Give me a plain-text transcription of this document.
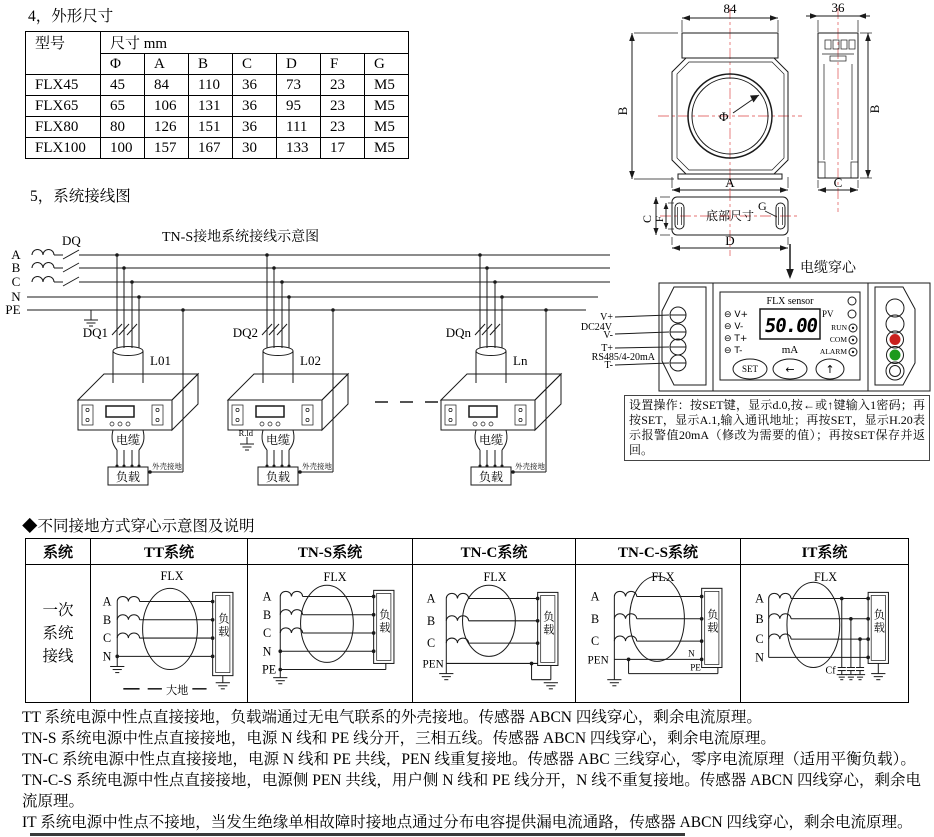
4，外形尺寸
型号	尺寸 mm						
	Φ	A	B	C	D	F	G
FLX45	45	84	110	36	73	23	M5
FLX65	65	106	131	36	95	23	M5
FLX80	80	126	151	36	111	23	M5
FLX100	100	157	167	30	133	17	M5
Φ
84
B
A
36
B
C
底部尺寸
G
C F
D
电缆穿心
5，系统接线图
TN-S接地系统接线示意图
A
B
C
N
PE
DQ
DQ1
L01
电缆
负载
外壳接地
DQ2
L02
电缆
负载
外壳接地
DQn
Ln
电缆
负载
外壳接地
R.ld
V+
DC24V
V-
T+
RS485/4-20mA
T-
FLX sensor
50.00
mA
⊖ V+
⊖ V-
⊖ T+
⊖ T-
PV
RUN
COM
ALARM
SET ←	↑
设置操作：按SET键，显示d.0,按←或↑键输入1密码；再按SET，显示A.1,输入通讯地址；再按SET，显示H.20表示报警值20mA（修改为需要的值）；再按SET保存并返回。
◆不同接地方式穿心示意图及说明
系统	TT系统	TN-S系统	TN-C系统	TN-C-S系统	IT系统

一次系统接线

FLX
A
B
C
N
负载
大地

FLX
A
B
C
N
PE
负载

FLX
A
B
C
PEN
负载

FLX
A
B
C
PEN
N
PE
负载

FLX
A
B
C
N
Cf
负载

TT 系统电源中性点直接接地，负载端通过无电气联系的外壳接地。传感器 ABCN 四线穿心，剩余电流原理。

TN-S 系统电源中性点直接接地，电源 N 线和 PE 线分开，三相五线。传感器 ABCN 四线穿心，剩余电流原理。

TN-C 系统电源中性点直接接地，电源 N 线和 PE 共线，PEN 线重复接地。传感器 ABC 三线穿心，零序电流原理（适用平衡负载）。

TN-C-S 系统电源中性点直接接地，电源侧 PEN 共线，用户侧 N 线和 PE 线分开，N 线不重复接地。传感器 ABCN 四线穿心，剩余电流原理。

IT 系统电源中性点不接地，当发生绝缘单相故障时接地点通过分布电容提供漏电流通路，传感器 ABCN 四线穿心，剩余电流原理。
